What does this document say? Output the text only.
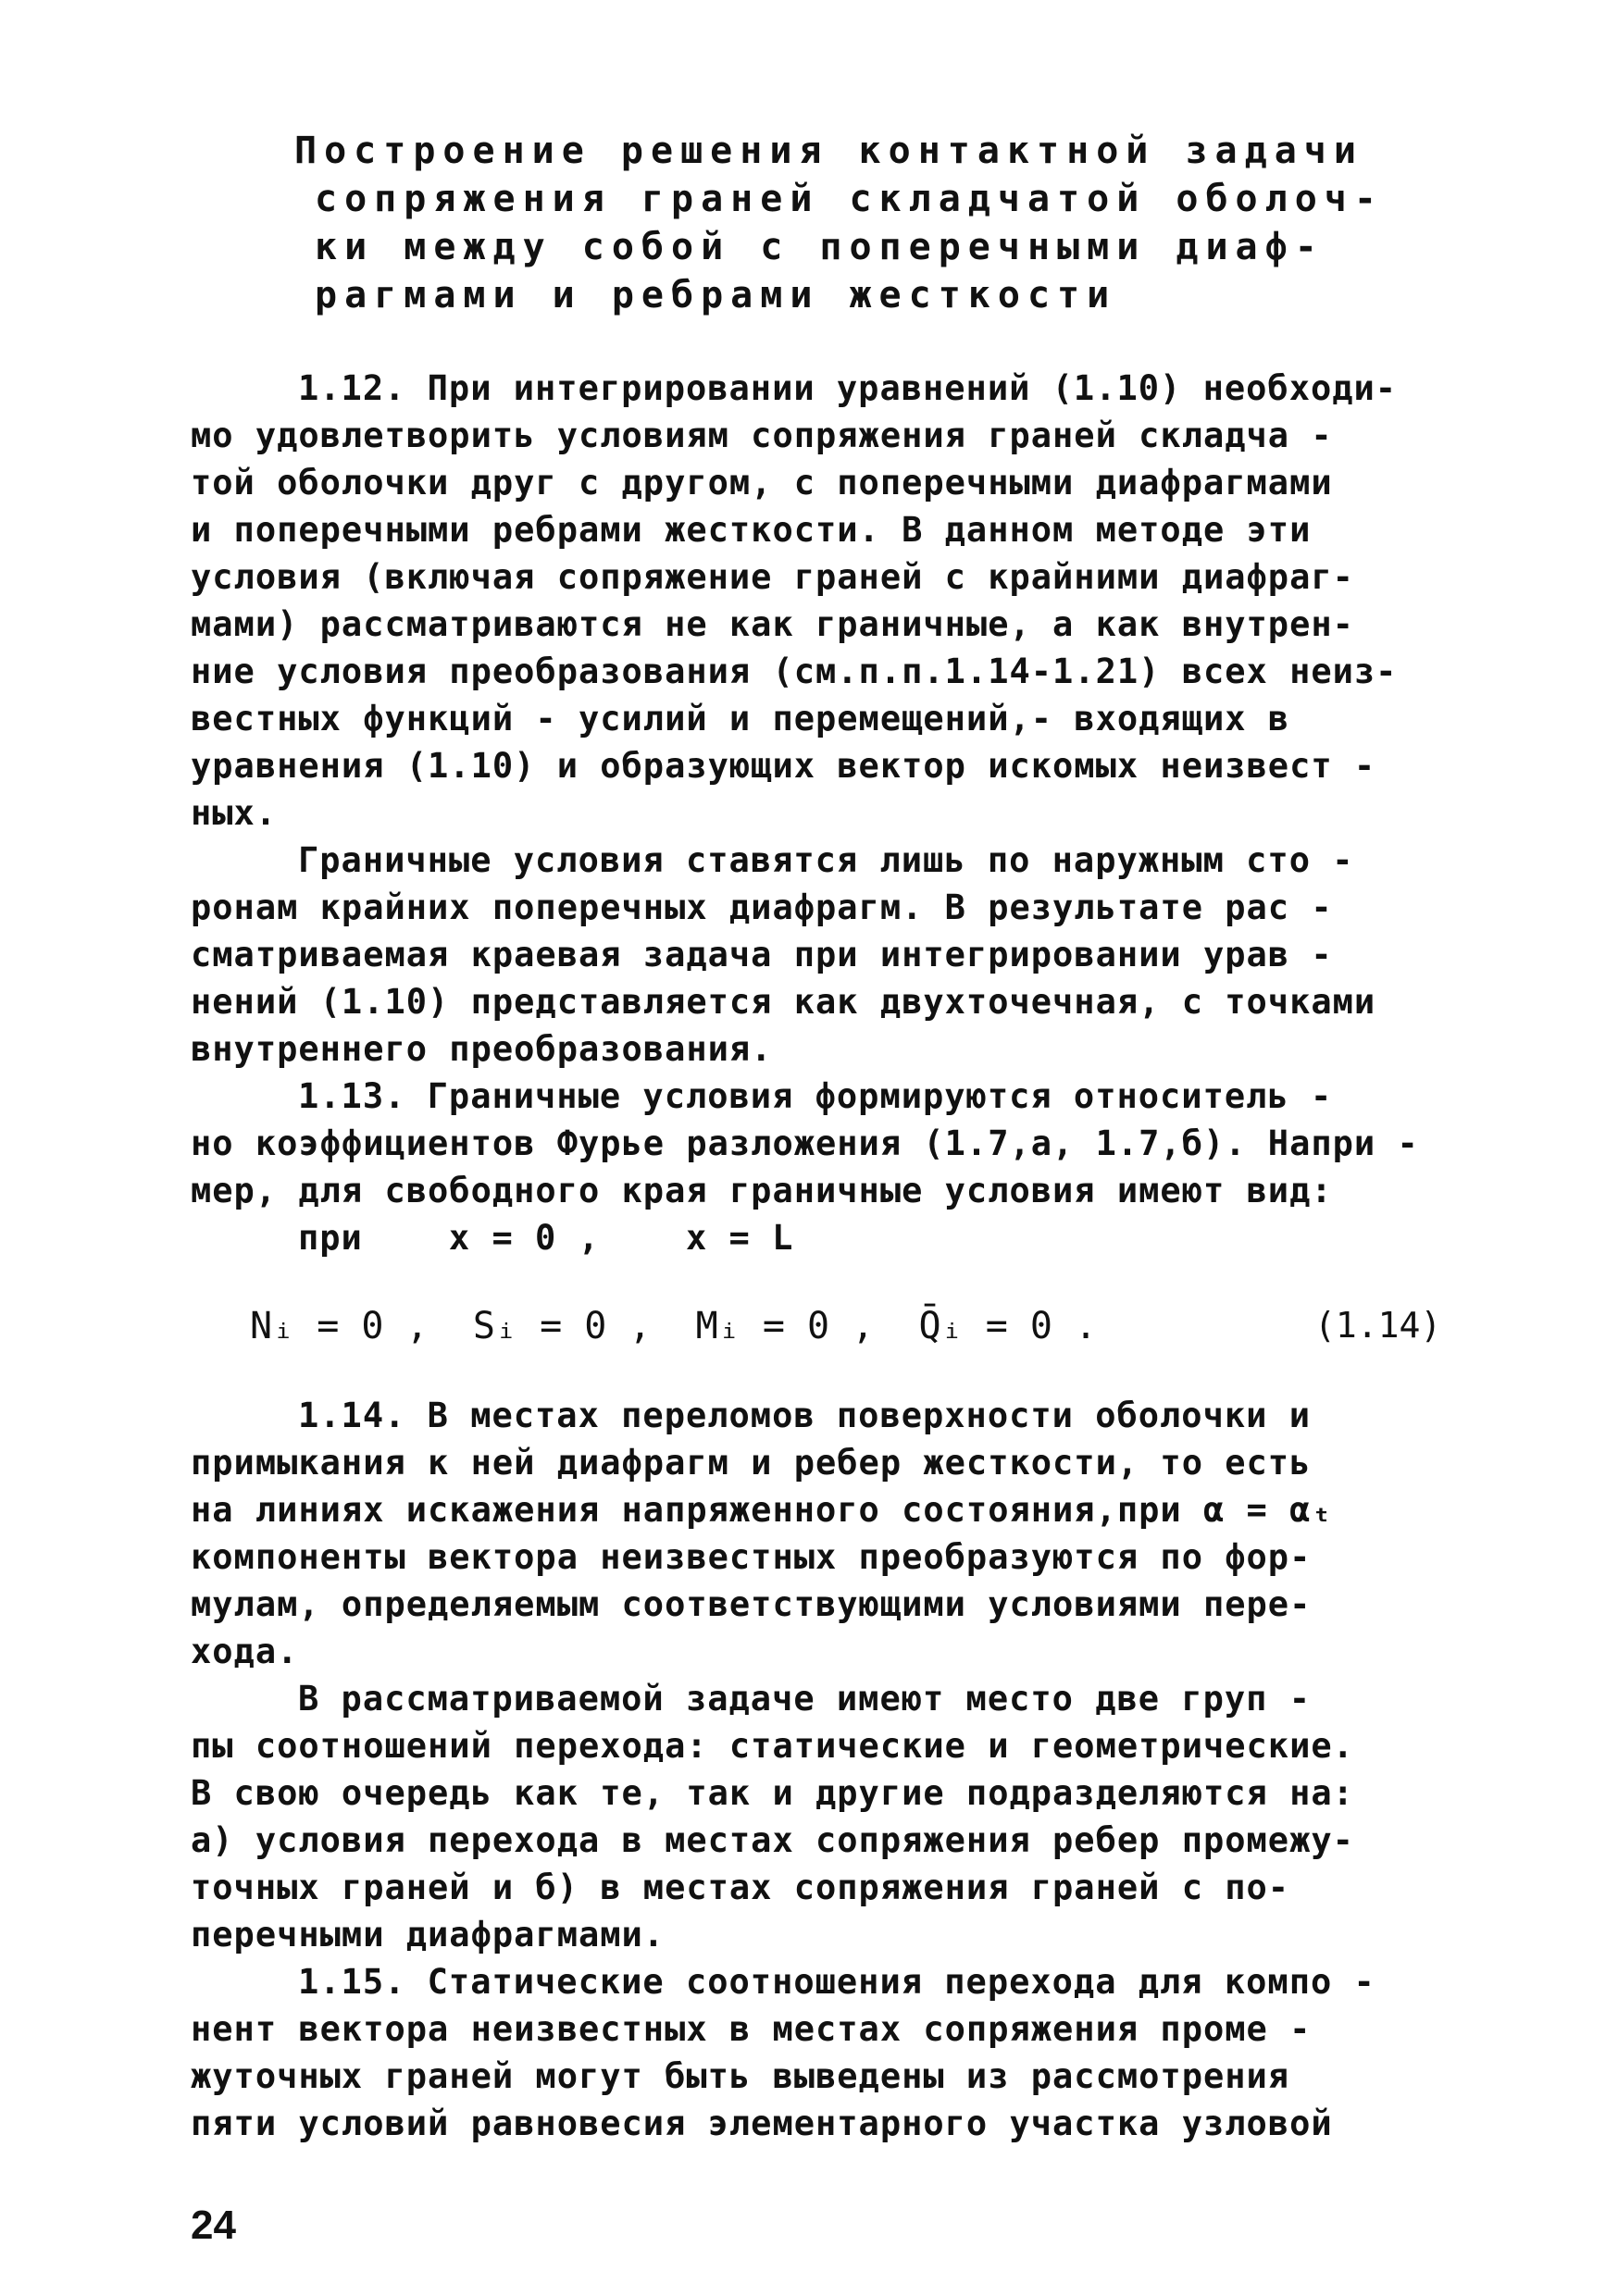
Построение решения контактной задачи
сопряжения граней складчатой оболоч-
ки между собой с поперечными диаф-
рагмами и ребрами жесткости
1.12. При интегрировании уравнений (1.10) необходи-
мо удовлетворить условиям сопряжения граней складча -
той оболочки друг с другом, с поперечными диафрагмами
и поперечными ребрами жесткости. В данном методе эти
условия (включая сопряжение граней с крайними диафраг-
мами) рассматриваются не как граничные, а как внутрен-
ние условия преобразования (см.п.п.1.14-1.21) всех неиз-
вестных функций - усилий и перемещений,- входящих в
уравнения (1.10) и образующих вектор искомых неизвест -
ных.
Граничные условия ставятся лишь по наружным сто -
ронам крайних поперечных диафрагм. В результате рас -
сматриваемая краевая задача при интегрировании урав -
нений (1.10) представляется как двухточечная, с точками
внутреннего преобразования.
1.13. Граничные условия формируются относитель -
но коэффициентов Фурье разложения (1.7,а, 1.7,б). Напри -
мер, для свободного края граничные условия имеют вид:
при    x = 0 ,    x = L
Nᵢ = 0 ,  Sᵢ = 0 ,  Mᵢ = 0 ,  Q̄ᵢ = 0 .	(1.14)
1.14. В местах переломов поверхности оболочки и
примыкания к ней диафрагм и ребер жесткости, то есть
на линиях искажения напряженного состояния,при α = αₜ
компоненты вектора неизвестных преобразуются по фор-
мулам, определяемым соответствующими условиями пере-
хода.
В рассматриваемой задаче имеют место две груп -
пы соотношений перехода: статические и геометрические.
В свою очередь как те, так и другие подразделяются на:
а) условия перехода в местах сопряжения ребер промежу-
точных граней и б) в местах сопряжения граней с по-
перечными диафрагмами.
1.15. Статические соотношения перехода для компо -
нент вектора неизвестных в местах сопряжения проме -
жуточных граней могут быть выведены из рассмотрения
пяти условий равновесия элементарного участка узловой
24
